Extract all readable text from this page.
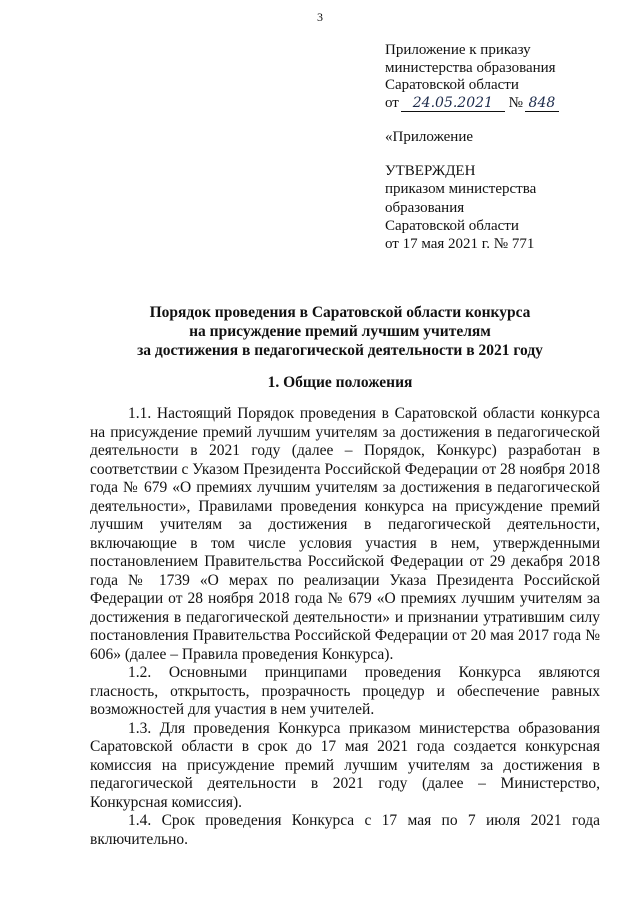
3
Приложение к приказу
министерства образования
Саратовской области
от 24.05.2021 № 848
«Приложение
УТВЕРЖДЕН
приказом министерства
образования
Саратовской области
от 17 мая 2021 г. № 771
Порядок проведения в Саратовской области конкурса
на присуждение премий лучшим учителям
за достижения в педагогической деятельности в 2021 году
1. Общие положения

1.1. Настоящий Порядок проведения в Саратовской области конкурса на присуждение премий лучшим учителям за достижения в педагогической деятельности в 2021 году (далее – Порядок, Конкурс) разработан в соответствии с Указом Президента Российской Федерации от 28 ноября 2018 года № 679 «О премиях лучшим учителям за достижения в педагогической деятельности», Правилами проведения конкурса на присуждение премий лучшим учителям за достижения в педагогической деятельности, включающие в том числе условия участия в нем, утвержденными постановлением Правительства Российской Федерации от 29 декабря 2018 года № 1739 «О мерах по реализации Указа Президента Российской Федерации от 28 ноября 2018 года № 679 «О премиях лучшим учителям за достижения в педагогической деятельности» и признании утратившим силу постановления Правительства Российской Федерации от 20 мая 2017 года № 606» (далее – Правила проведения Конкурса).

1.2. Основными принципами проведения Конкурса являются гласность, открытость, прозрачность процедур и обеспечение равных возможностей для участия в нем учителей.

1.3. Для проведения Конкурса приказом министерства образования Саратовской области в срок до 17 мая 2021 года создается конкурсная комиссия на присуждение премий лучшим учителям за достижения в педагогической деятельности в 2021 году (далее – Министерство, Конкурсная комиссия).

1.4. Срок проведения Конкурса с 17 мая по 7 июля 2021 года включительно.
